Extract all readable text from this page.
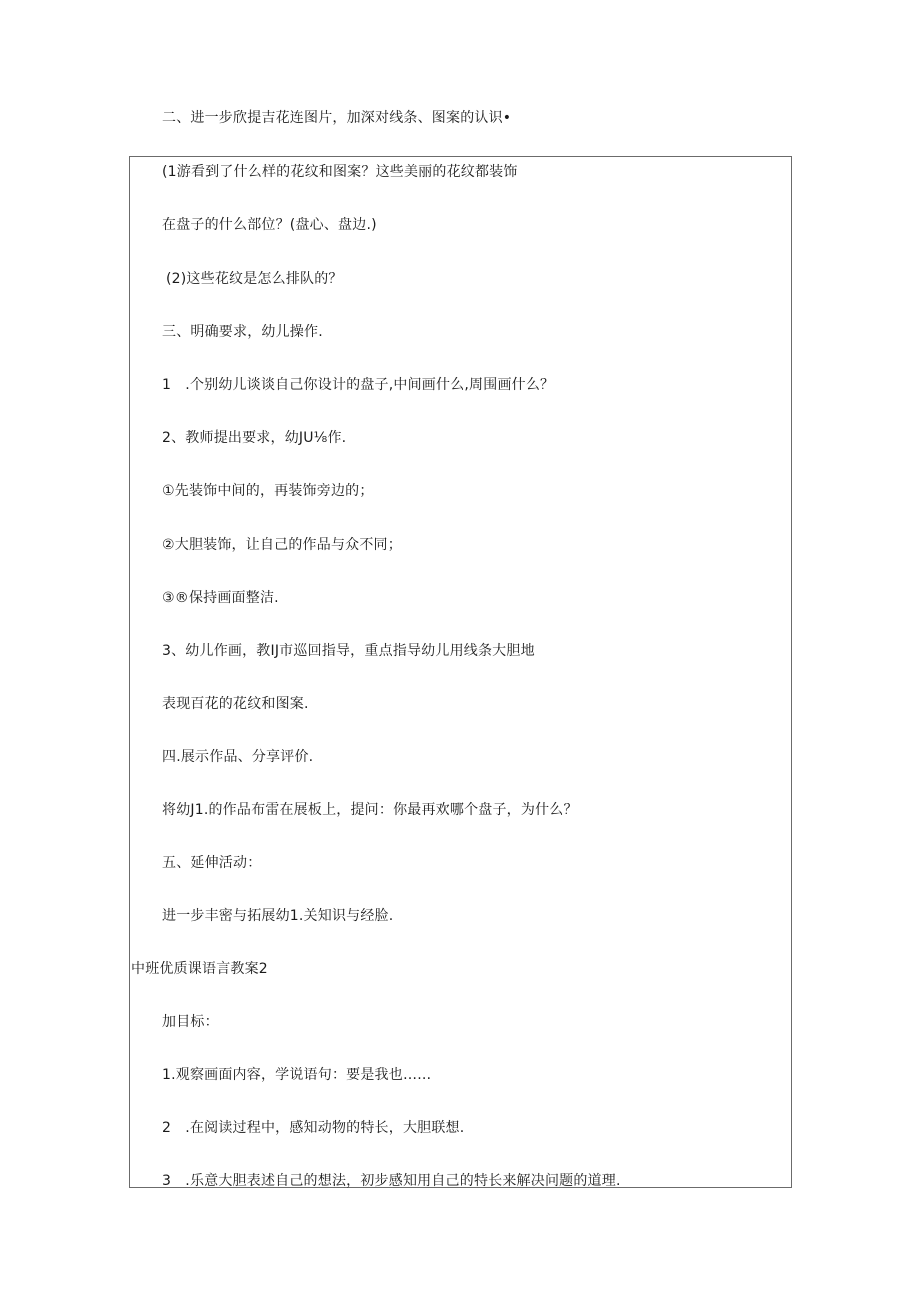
二、进一步欣提吉花连图片，加深对线条、图案的认识•
(1游看到了什么样的花纹和图案？这些美丽的花纹都装饰
在盘子的什么部位？(盘心、盘边.)
(2)这些花纹是怎么排队的？
三、明确要求，幼儿操作.
1　.个别幼儿谈谈自己你设计的盘子,中间画什么,周围画什么？
2、教师提出要求，幼JU⅛作.
①先装饰中间的，再装饰旁边的；
②大胆装饰，让自己的作品与众不同；
③®保持画面整洁.
3、幼儿作画，教IJ市巡回指导，重点指导幼儿用线条大胆地
表现百花的花纹和图案.
四.展示作品、分享评价.
将幼J1.的作品布雷在展板上，提问：你最再欢哪个盘子，为什么？
五、延伸活动：
进一步丰密与拓展幼1.关知识与经脸.
中班优质课语言教案2
加目标：
1.观察画面内容，学说语句：要是我也……
2　.在阅读过程中，感知动物的特长，大胆联想.
3　.乐意大胆表述自己的想法，初步感知用自己的特长来解决问题的道理.
